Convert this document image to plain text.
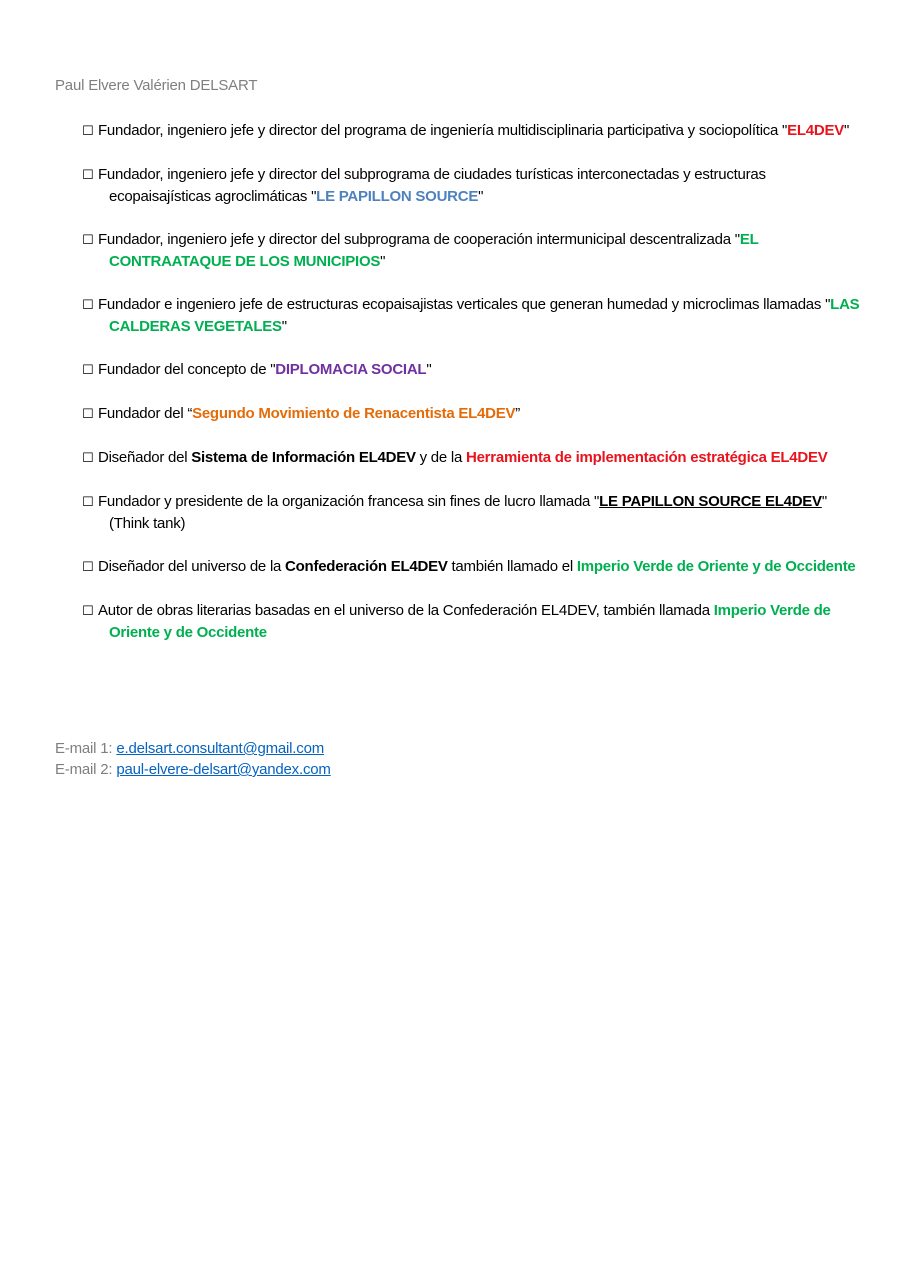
Paul Elvere Valérien DELSART
☐ Fundador, ingeniero jefe y director del programa de ingeniería multidisciplinaria participativa y sociopolítica "EL4DEV"
☐ Fundador, ingeniero jefe y director del subprograma de ciudades turísticas interconectadas y estructuras ecopaisajísticas agroclimáticas "LE PAPILLON SOURCE"
☐ Fundador, ingeniero jefe y director del subprograma de cooperación intermunicipal descentralizada "EL CONTRAATAQUE DE LOS MUNICIPIOS"
☐ Fundador e ingeniero jefe de estructuras ecopaisajistas verticales que generan humedad y microclimas llamadas "LAS CALDERAS VEGETALES"
☐ Fundador del concepto de "DIPLOMACIA SOCIAL"
☐ Fundador del “Segundo Movimiento de Renacentista EL4DEV”
☐ Diseñador del Sistema de Información EL4DEV y de la Herramienta de implementación estratégica EL4DEV
☐ Fundador y presidente de la organización francesa sin fines de lucro llamada "LE PAPILLON SOURCE EL4DEV" (Think tank)
☐ Diseñador del universo de la Confederación EL4DEV también llamado el Imperio Verde de Oriente y de Occidente
☐ Autor de obras literarias basadas en el universo de la Confederación EL4DEV, también llamada Imperio Verde de Oriente y de Occidente
E-mail 1: e.delsart.consultant@gmail.com
E-mail 2: paul-elvere-delsart@yandex.com
